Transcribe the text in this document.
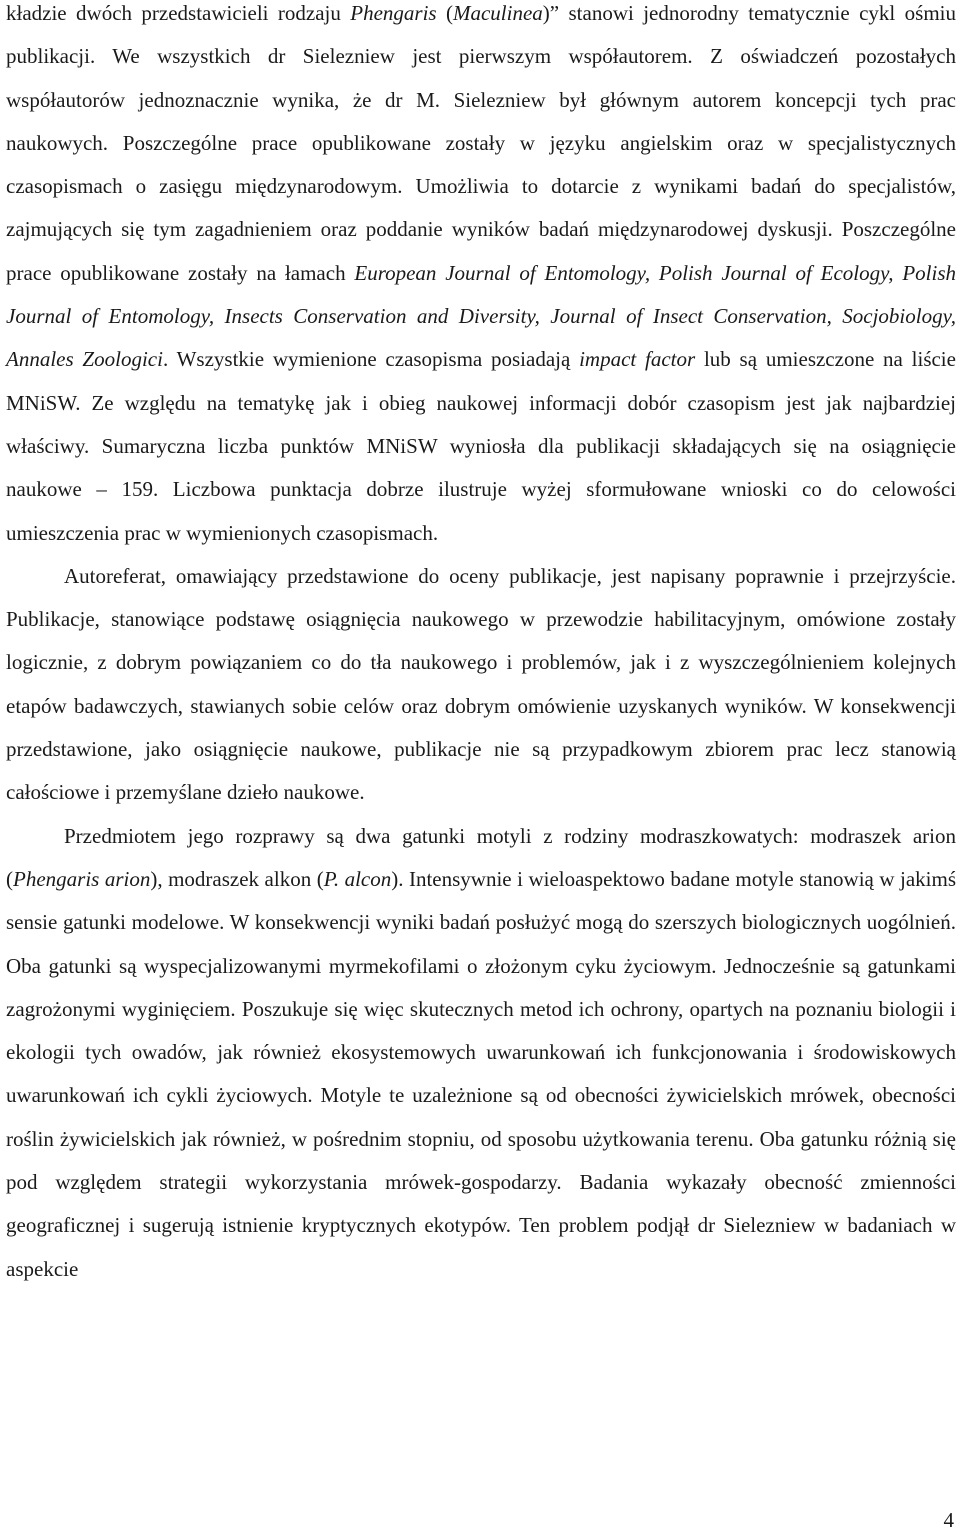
kładzie dwóch przedstawicieli rodzaju Phengaris (Maculinea)” stanowi jednorodny tematycznie cykl ośmiu publikacji. We wszystkich dr Sielezniew jest pierwszym współautorem. Z oświadczeń pozostałych współautorów jednoznacznie wynika, że dr M. Sielezniew był głównym autorem koncepcji tych prac naukowych. Poszczególne prace opublikowane zostały w języku angielskim oraz w specjalistycznych czasopismach o zasięgu międzynarodowym. Umożliwia to dotarcie z wynikami badań do specjalistów, zajmujących się tym zagadnieniem oraz poddanie wyników badań międzynarodowej dyskusji. Poszczególne prace opublikowane zostały na łamach European Journal of Entomology, Polish Journal of Ecology, Polish Journal of Entomology, Insects Conservation and Diversity, Journal of Insect Conservation, Socjobiology, Annales Zoologici. Wszystkie wymienione czasopisma posiadają impact factor lub są umieszczone na liście MNiSW. Ze względu na tematykę jak i obieg naukowej informacji dobór czasopism jest jak najbardziej właściwy. Sumaryczna liczba punktów MNiSW wyniosła dla publikacji składających się na osiągnięcie naukowe – 159. Liczbowa punktacja dobrze ilustruje wyżej sformułowane wnioski co do celowości umieszczenia prac w wymienionych czasopismach.

Autoreferat, omawiający przedstawione do oceny publikacje, jest napisany poprawnie i przejrzyście. Publikacje, stanowiące podstawę osiągnięcia naukowego w przewodzie habilitacyjnym, omówione zostały logicznie, z dobrym powiązaniem co do tła naukowego i problemów, jak i z wyszczególnieniem kolejnych etapów badawczych, stawianych sobie celów oraz dobrym omówienie uzyskanych wyników. W konsekwencji przedstawione, jako osiągnięcie naukowe, publikacje nie są przypadkowym zbiorem prac lecz stanowią całościowe i przemyślane dzieło naukowe.

Przedmiotem jego rozprawy są dwa gatunki motyli z rodziny modraszkowatych: modraszek arion (Phengaris arion), modraszek alkon (P. alcon). Intensywnie i wieloaspektowo badane motyle stanowią w jakimś sensie gatunki modelowe. W konsekwencji wyniki badań posłużyć mogą do szerszych biologicznych uogólnień. Oba gatunki są wyspecjalizowanymi myrmekofilami o złożonym cyku życiowym. Jednocześnie są gatunkami zagrożonymi wyginięciem. Poszukuje się więc skutecznych metod ich ochrony, opartych na poznaniu biologii i ekologii tych owadów, jak również ekosystemowych uwarunkowań ich funkcjonowania i środowiskowych uwarunkowań ich cykli życiowych. Motyle te uzależnione są od obecności żywicielskich mrówek, obecności roślin żywicielskich jak również, w pośrednim stopniu, od sposobu użytkowania terenu. Oba gatunku różnią się pod względem strategii wykorzystania mrówek-gospodarzy. Badania wykazały obecność zmienności geograficznej i sugerują istnienie kryptycznych ekotypów. Ten problem podjął dr Sielezniew w badaniach w aspekcie

4
